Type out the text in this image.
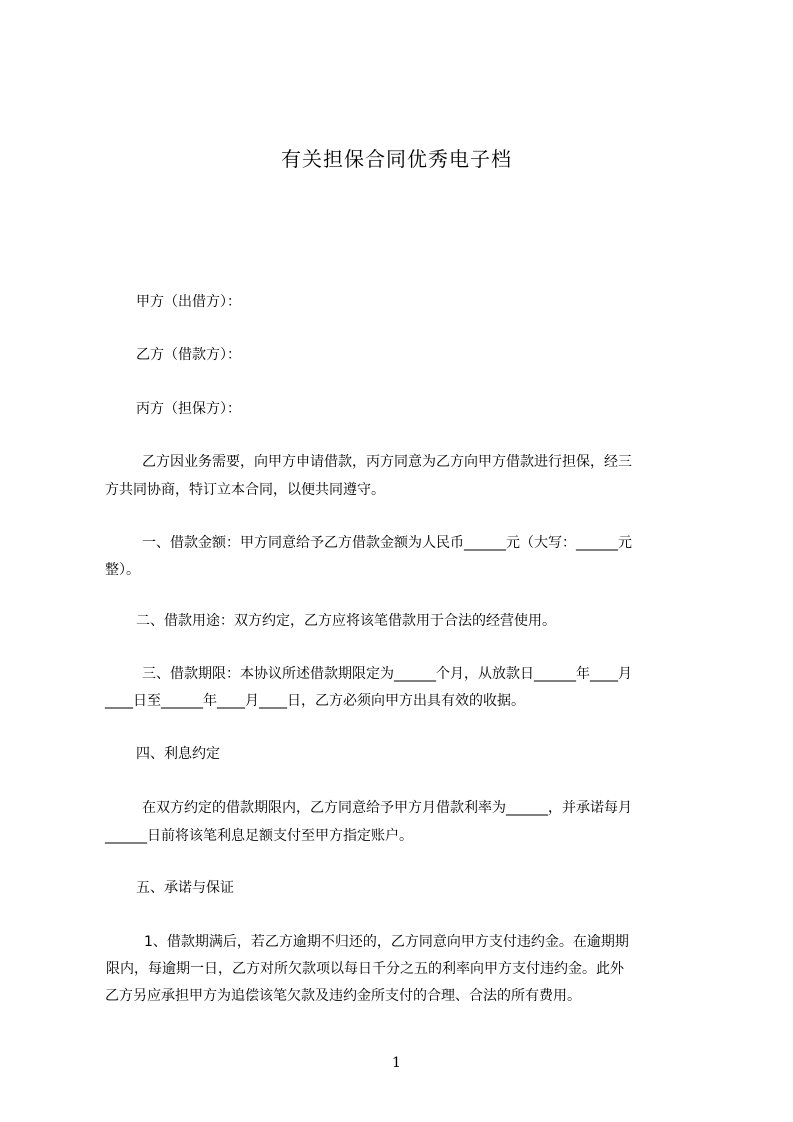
有关担保合同优秀电子档
甲方（出借方）：
乙方（借款方）：
丙方（担保方）：
乙方因业务需要，向甲方申请借款，丙方同意为乙方向甲方借款进行担保，经三
方共同协商，特订立本合同，以便共同遵守。
一、借款金额：甲方同意给予乙方借款金额为人民币______元（大写：______元
整）。
二、借款用途：双方约定，乙方应将该笔借款用于合法的经营使用。
三、借款期限：本协议所述借款期限定为______个月，从放款日______年____月
____日至______年____月____日，乙方必须向甲方出具有效的收据。
四、利息约定
在双方约定的借款期限内，乙方同意给予甲方月借款利率为______，并承诺每月
______日前将该笔利息足额支付至甲方指定账户。
五、承诺与保证
1、借款期满后，若乙方逾期不归还的，乙方同意向甲方支付违约金。在逾期期
限内，每逾期一日，乙方对所欠款项以每日千分之五的利率向甲方支付违约金。此外
乙方另应承担甲方为追偿该笔欠款及违约金所支付的合理、合法的所有费用。
1
